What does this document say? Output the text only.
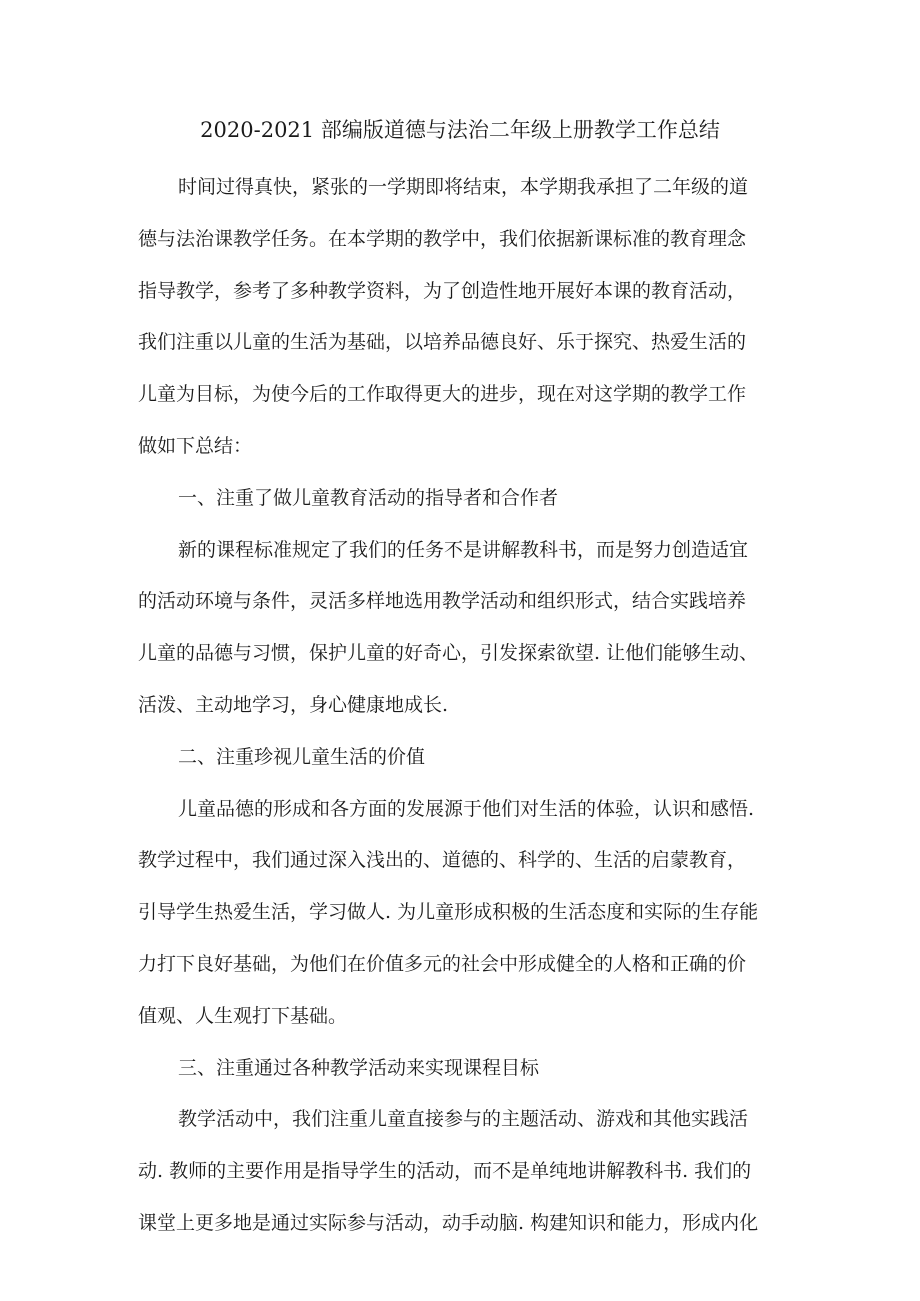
2020-2021 部编版道德与法治二年级上册教学工作总结

时间过得真快，紧张的一学期即将结束，本学期我承担了二年级的道
德与法治课教学任务。在本学期的教学中，我们依据新课标准的教育理念
指导教学，参考了多种教学资料，为了创造性地开展好本课的教育活动，
我们注重以儿童的生活为基础，以培养品德良好、乐于探究、热爱生活的
儿童为目标，为使今后的工作取得更大的进步，现在对这学期的教学工作
做如下总结：

一、注重了做儿童教育活动的指导者和合作者

新的课程标准规定了我们的任务不是讲解教科书，而是努力创造适宜
的活动环境与条件，灵活多样地选用教学活动和组织形式，结合实践培养
儿童的品德与习惯，保护儿童的好奇心，引发探索欲望. 让他们能够生动、
活泼、主动地学习，身心健康地成长.

二、注重珍视儿童生活的价值

儿童品德的形成和各方面的发展源于他们对生活的体验，认识和感悟.
教学过程中，我们通过深入浅出的、道德的、科学的、生活的启蒙教育，
引导学生热爱生活，学习做人. 为儿童形成积极的生活态度和实际的生存能
力打下良好基础，为他们在价值多元的社会中形成健全的人格和正确的价
值观、人生观打下基础。

三、注重通过各种教学活动来实现课程目标

教学活动中，我们注重儿童直接参与的主题活动、游戏和其他实践活
动. 教师的主要作用是指导学生的活动，而不是单纯地讲解教科书. 我们的
课堂上更多地是通过实际参与活动，动手动脑. 构建知识和能力，形成内化
